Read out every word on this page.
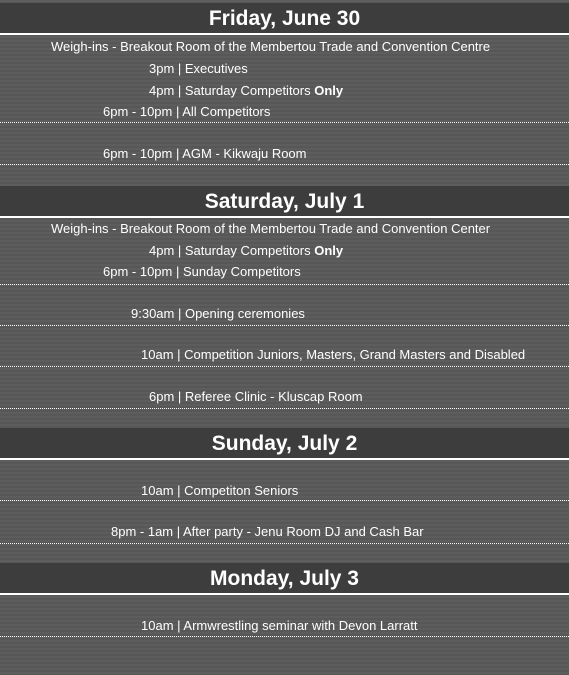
Friday, June 30
Weigh-ins - Breakout Room of the Membertou Trade and Convention Centre
3pm | Executives
4pm | Saturday Competitors Only
6pm - 10pm | All Competitors
6pm - 10pm | AGM - Kikwaju Room
Saturday, July 1
Weigh-ins - Breakout Room of the Membertou Trade and Convention Center
4pm | Saturday Competitors Only
6pm - 10pm | Sunday Competitors
9:30am | Opening ceremonies
10am | Competition Juniors, Masters, Grand Masters and Disabled
6pm | Referee Clinic - Kluscap Room
Sunday, July 2
10am | Competiton Seniors
8pm - 1am | After party - Jenu Room DJ and Cash Bar
Monday, July 3
10am | Armwrestling seminar with Devon Larratt
